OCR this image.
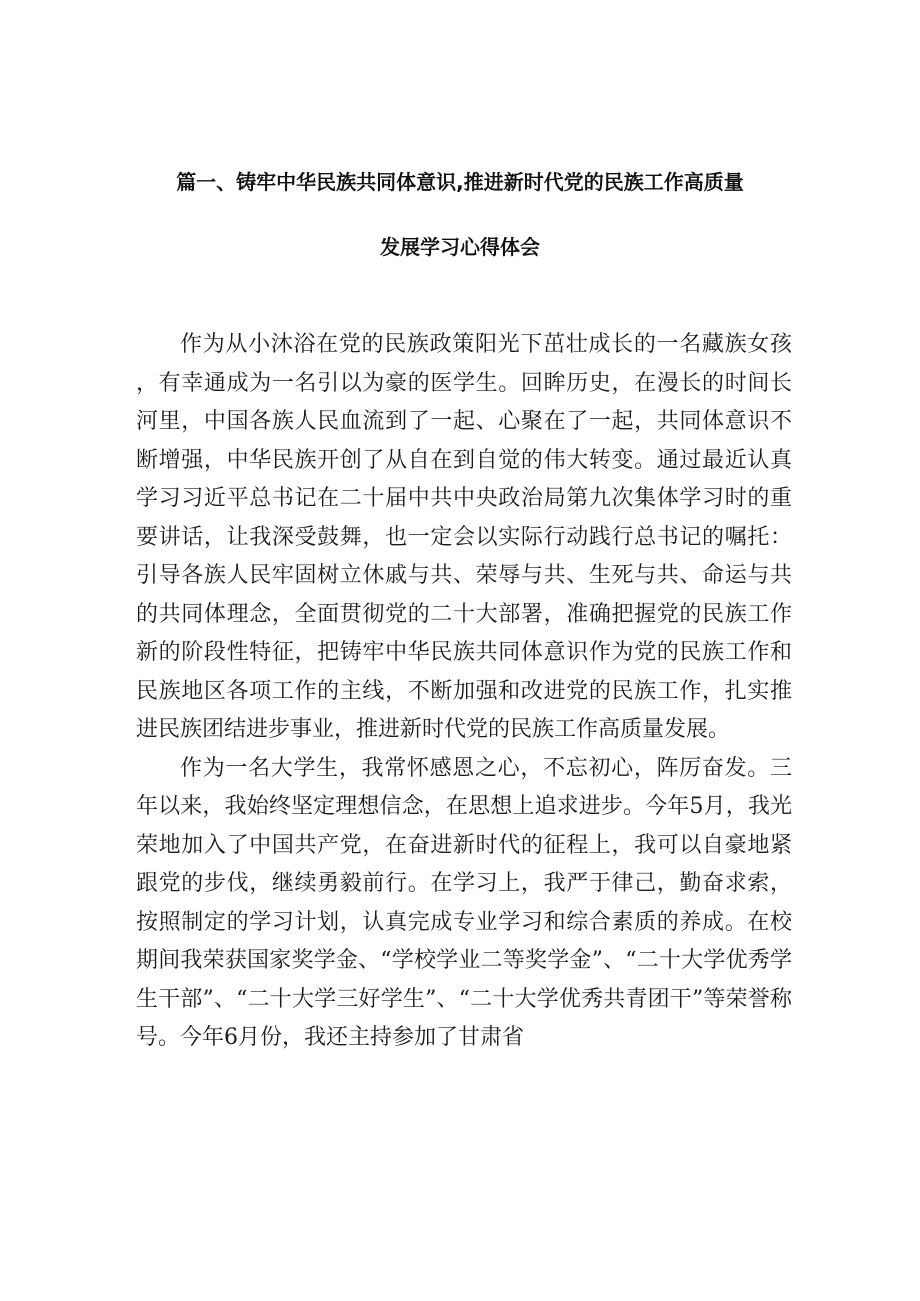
篇一、铸牢中华民族共同体意识,推进新时代党的民族工作高质量
发展学习心得体会

作为从小沐浴在党的民族政策阳光下茁壮成长的一名藏族女孩，有幸通成为一名引以为豪的医学生。回眸历史，在漫长的时间长河里，中国各族人民血流到了一起、心聚在了一起，共同体意识不断增强，中华民族开创了从自在到自觉的伟大转变。通过最近认真学习习近平总书记在二十届中共中央政治局第九次集体学习时的重要讲话，让我深受鼓舞，也一定会以实际行动践行总书记的嘱托：引导各族人民牢固树立休戚与共、荣辱与共、生死与共、命运与共的共同体理念，全面贯彻党的二十大部署，准确把握党的民族工作新的阶段性特征，把铸牢中华民族共同体意识作为党的民族工作和民族地区各项工作的主线，不断加强和改进党的民族工作，扎实推进民族团结进步事业，推进新时代党的民族工作高质量发展。

作为一名大学生，我常怀感恩之心，不忘初心，阵厉奋发。三年以来，我始终坚定理想信念，在思想上追求进步。今年5月，我光荣地加入了中国共产党，在奋进新时代的征程上，我可以自豪地紧跟党的步伐，继续勇毅前行。在学习上，我严于律己，勤奋求索，按照制定的学习计划，认真完成专业学习和综合素质的养成。在校期间我荣获国家奖学金、“学校学业二等奖学金”、“二十大学优秀学生干部”、“二十大学三好学生”、“二十大学优秀共青团干”等荣誉称号。今年6月份，我还主持参加了甘肃省
